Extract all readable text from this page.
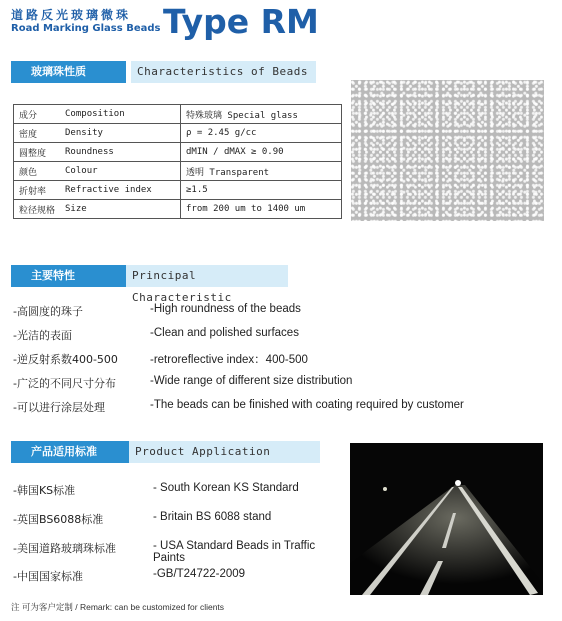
道路反光玻璃微珠
Road Marking Glass Beads Type RM
玻璃珠性质	Characteristics of Beads
成分	Composition	特殊玻璃 Special glass
密度	Density	ρ = 2.45 g/cc
圆整度	Roundness	dMIN / dMAX ≥ 0.90
颜色	Colour	透明 Transparent
折射率	Refractive index	≥1.5
粒径规格	Size	from 200 um to 1400 um
主要特性	Principal Characteristic
-高圆度的珠子	-High roundness of the beads
-光洁的表面	-Clean and polished surfaces
-逆反射系数400-500	-retroreflective index：400-500
-广泛的不同尺寸分布	-Wide range of different size distribution
-可以进行涂层处理	-The beads can be finished with coating required by customer
产品适用标准	Product Application
-韩国KS标准	- South Korean KS Standard
-英国BS6088标准	- Britain BS 6088 stand
-美国道路玻璃珠标准	- USA Standard Beads in Traffic Paints
-中国国家标准	-GB/T24722-2009
注 可为客户定制 / Remark: can be customized for clients
